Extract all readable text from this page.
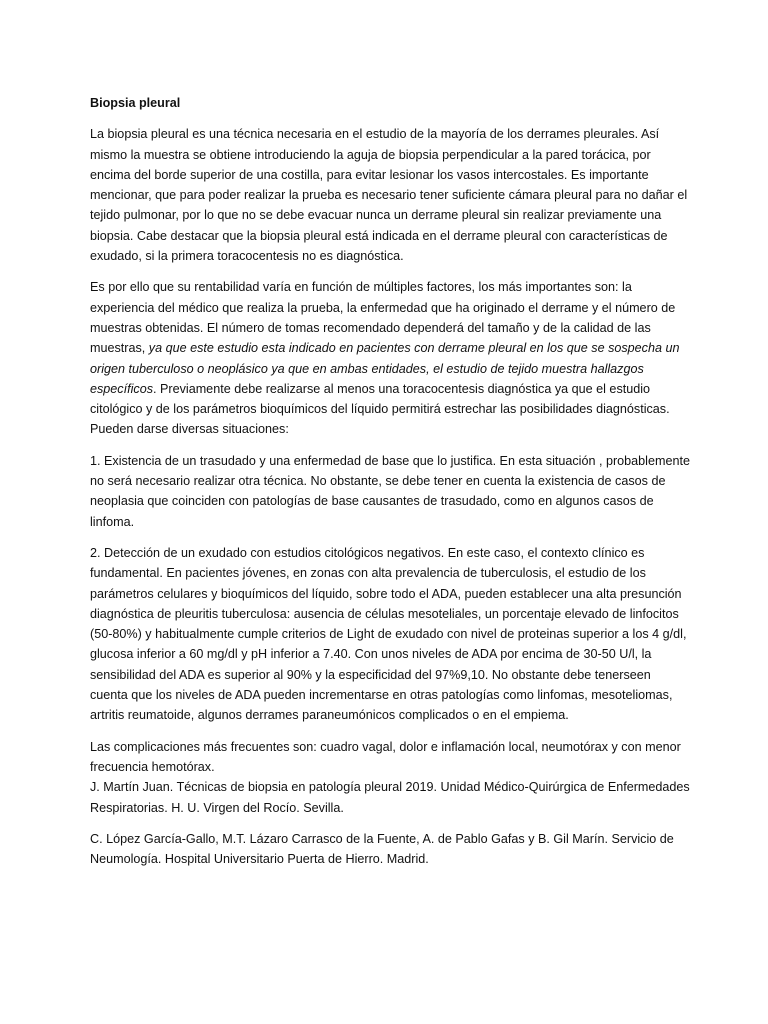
Biopsia pleural

La biopsia pleural es una técnica necesaria en el estudio de la mayoría de los derrames pleurales. Así mismo la muestra se obtiene introduciendo la aguja de biopsia perpendicular a la pared torácica, por encima del borde superior de una costilla, para evitar lesionar los vasos intercostales. Es importante mencionar, que para poder realizar la prueba es necesario tener suficiente cámara pleural para no dañar el tejido pulmonar, por lo que no se debe evacuar nunca un derrame pleural sin realizar previamente una biopsia. Cabe destacar que la biopsia pleural está indicada en el derrame pleural con características de exudado, si la primera toracocentesis no es diagnóstica.

Es por ello que su rentabilidad varía en función de múltiples factores, los más importantes son: la experiencia del médico que realiza la prueba, la enfermedad que ha originado el derrame y el número de muestras obtenidas. El número de tomas recomendado dependerá del tamaño y de la calidad de las muestras, ya que este estudio esta indicado en pacientes con derrame pleural en los que se sospecha un origen tuberculoso o neoplásico ya que en ambas entidades, el estudio de tejido muestra hallazgos específicos. Previamente debe realizarse al menos una toracocentesis diagnóstica ya que el estudio citológico y de los parámetros bioquímicos del líquido permitirá estrechar las posibilidades diagnósticas. Pueden darse diversas situaciones:

1. Existencia de un trasudado y una enfermedad de base que lo justifica. En esta situación , probablemente no será necesario realizar otra técnica. No obstante, se debe tener en cuenta la existencia de casos de neoplasia que coinciden con patologías de base causantes de trasudado, como en algunos casos de linfoma.

2. Detección de un exudado con estudios citológicos negativos. En este caso, el contexto clínico es fundamental. En pacientes jóvenes, en zonas con alta prevalencia de tuberculosis, el estudio de los parámetros celulares y bioquímicos del líquido, sobre todo el ADA, pueden establecer una alta presunción diagnóstica de pleuritis tuberculosa: ausencia de células mesoteliales, un porcentaje elevado de linfocitos (50-80%) y habitualmente cumple criterios de Light de exudado con nivel de proteinas superior a los 4 g/dl, glucosa inferior a 60 mg/dl y pH inferior a 7.40. Con unos niveles de ADA por encima de 30-50 U/l, la sensibilidad del ADA es superior al 90% y la especificidad del 97%9,10. No obstante debe tenerseen cuenta que los niveles de ADA pueden incrementarse en otras patologías como linfomas, mesoteliomas, artritis reumatoide, algunos derrames paraneumónicos complicados o en el empiema.

Las complicaciones más frecuentes son: cuadro vagal, dolor e inflamación local, neumotórax y con menor frecuencia hemotórax.

J. Martín Juan. Técnicas de biopsia en patología pleural 2019. Unidad Médico-Quirúrgica de Enfermedades Respiratorias. H. U. Virgen del Rocío. Sevilla.

C. López García-Gallo, M.T. Lázaro Carrasco de la Fuente, A. de Pablo Gafas y B. Gil Marín. Servicio de Neumología. Hospital Universitario Puerta de Hierro. Madrid.
